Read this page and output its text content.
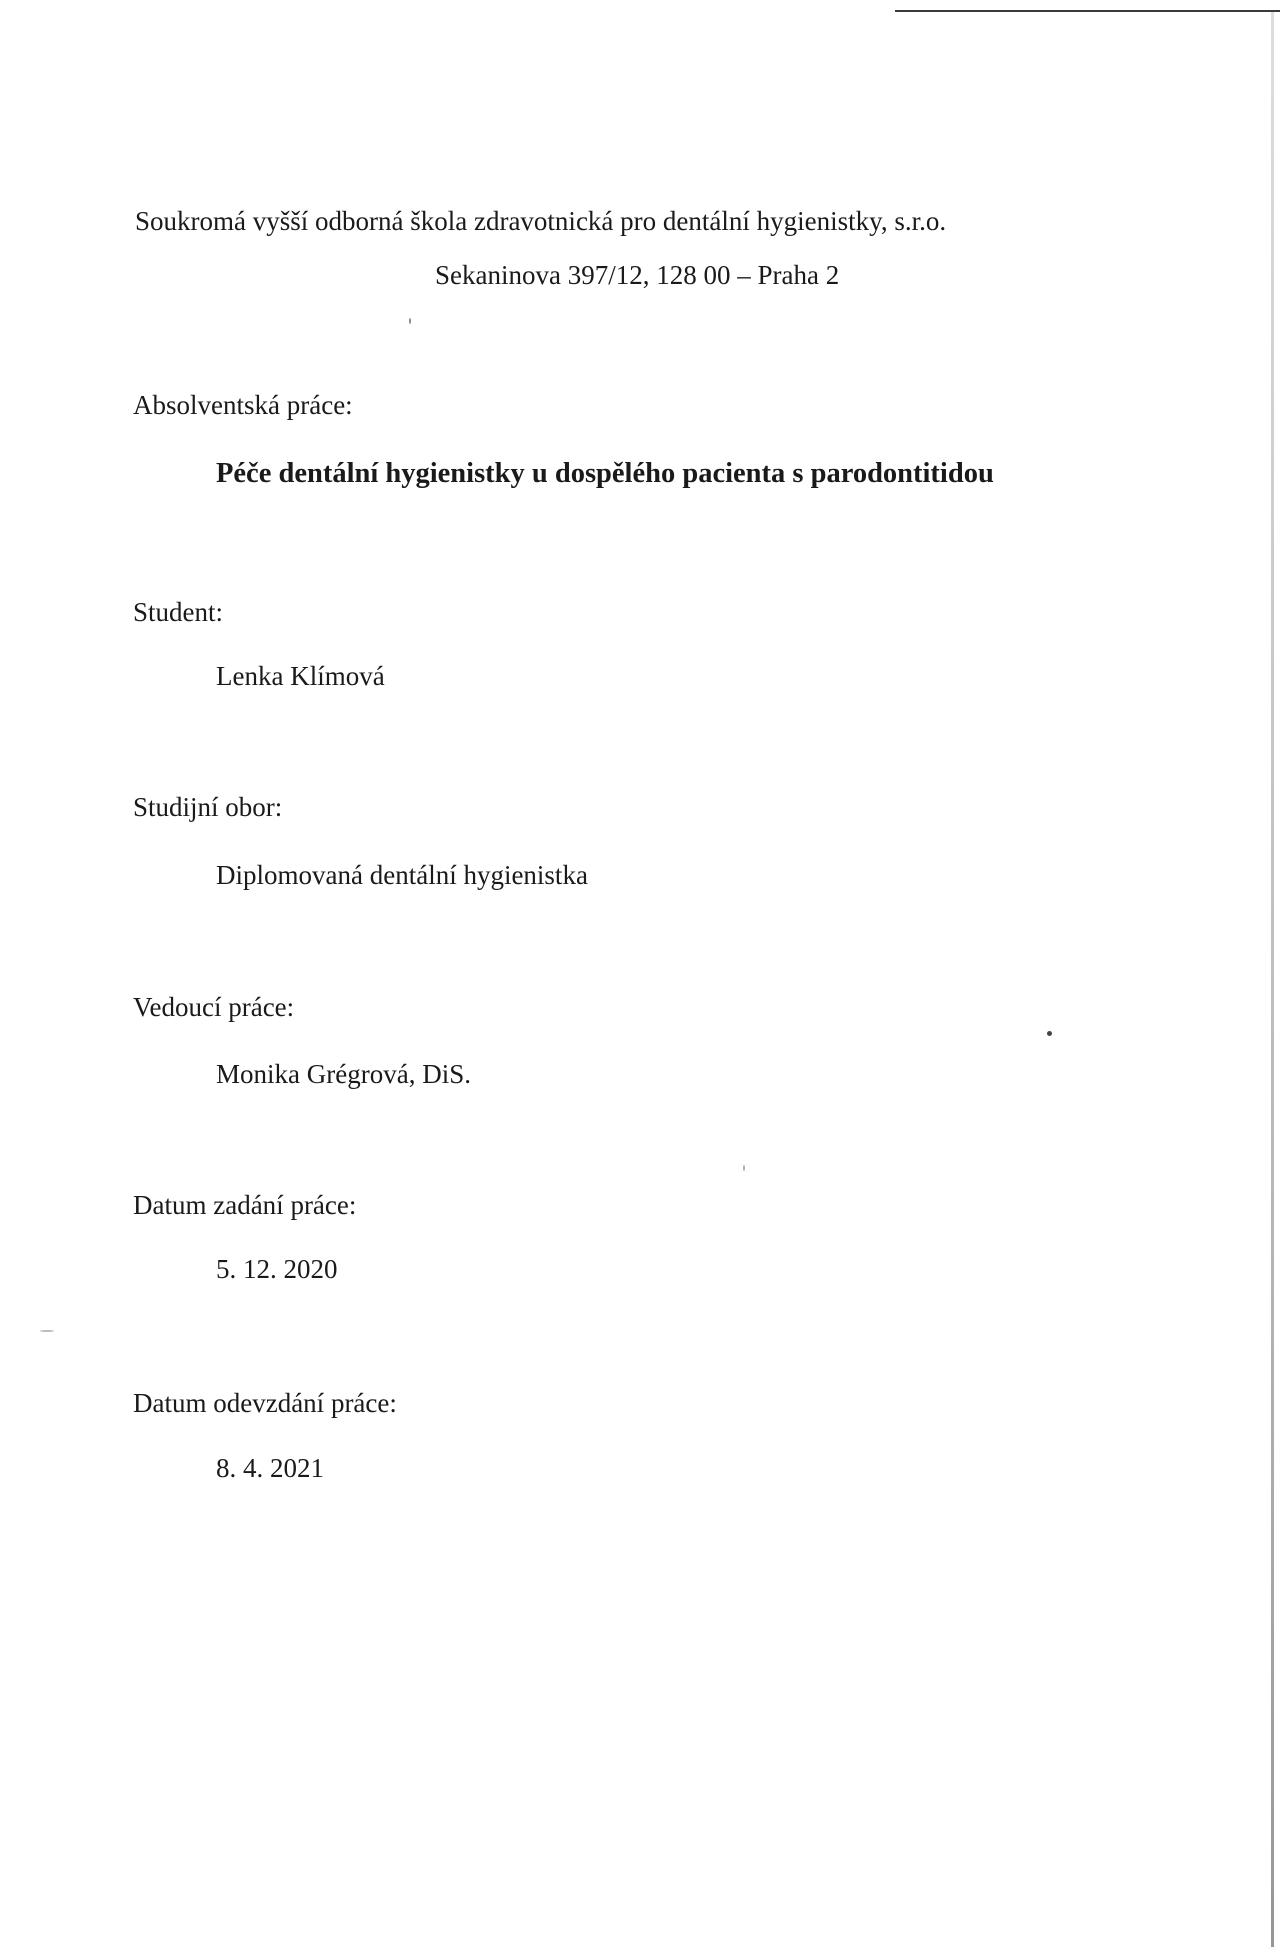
Soukromá vyšší odborná škola zdravotnická pro dentální hygienistky, s.r.o.
Sekaninova 397/12, 128 00 – Praha 2
Absolventská práce:
Péče dentální hygienistky u dospělého pacienta s parodontitidou
Student:
Lenka Klímová
Studijní obor:
Diplomovaná dentální hygienistka
Vedoucí práce:
Monika Grégrová, DiS.
Datum zadání práce:
5. 12. 2020
Datum odevzdání práce:
8. 4. 2021
